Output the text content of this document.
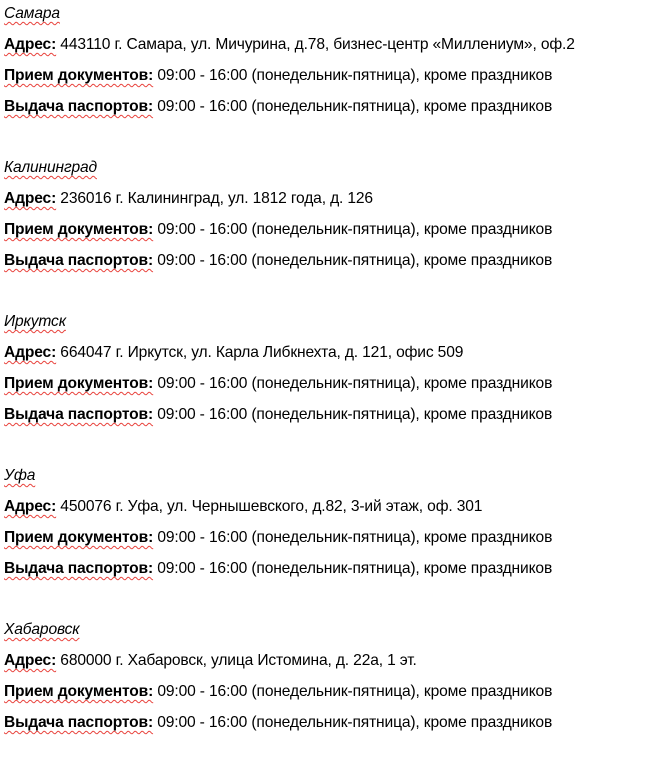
Самара
Адрес: 443110 г. Самара, ул. Мичурина, д.78, бизнес-центр «Миллениум», оф.2
Прием документов: 09:00 - 16:00 (понедельник-пятница), кроме праздников
Выдача паспортов: 09:00 - 16:00 (понедельник-пятница), кроме праздников
Калининград
Адрес: 236016 г. Калининград, ул. 1812 года, д. 126
Прием документов: 09:00 - 16:00 (понедельник-пятница), кроме праздников
Выдача паспортов: 09:00 - 16:00 (понедельник-пятница), кроме праздников
Иркутск
Адрес: 664047 г. Иркутск, ул. Карла Либкнехта, д. 121, офис 509
Прием документов: 09:00 - 16:00 (понедельник-пятница), кроме праздников
Выдача паспортов: 09:00 - 16:00 (понедельник-пятница), кроме праздников
Уфа
Адрес: 450076 г. Уфа, ул. Чернышевского, д.82, 3-ий этаж, оф. 301
Прием документов: 09:00 - 16:00 (понедельник-пятница), кроме праздников
Выдача паспортов: 09:00 - 16:00 (понедельник-пятница), кроме праздников
Хабаровск
Адрес: 680000 г. Хабаровск, улица Истомина, д. 22а, 1 эт.
Прием документов: 09:00 - 16:00 (понедельник-пятница), кроме праздников
Выдача паспортов: 09:00 - 16:00 (понедельник-пятница), кроме праздников
